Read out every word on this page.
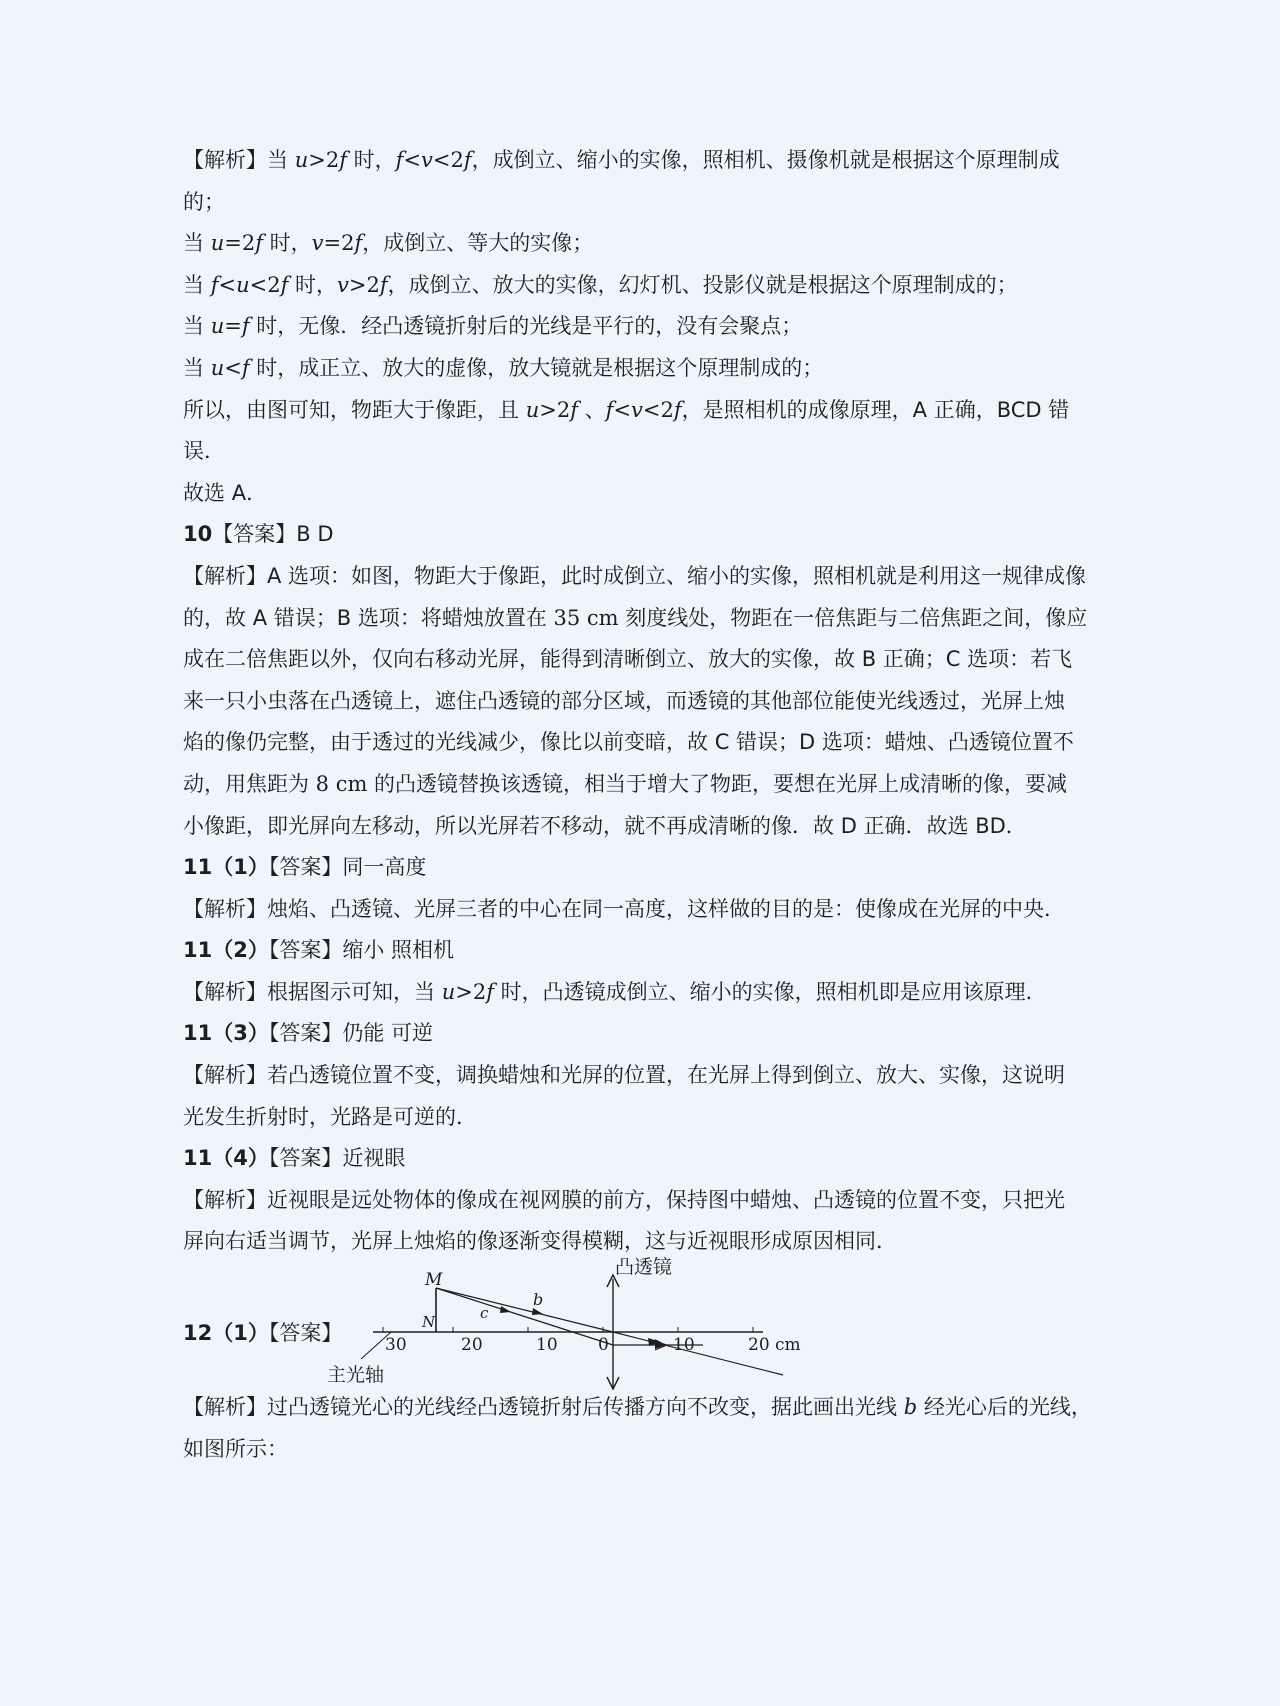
【解析】当 u>2f 时，f<v<2f，成倒立、缩小的实像，照相机、摄像机就是根据这个原理制成

的；

当 u=2f 时，v=2f，成倒立、等大的实像；

当 f<u<2f 时，v>2f，成倒立、放大的实像，幻灯机、投影仪就是根据这个原理制成的；

当 u=f 时，无像．经凸透镜折射后的光线是平行的，没有会聚点；

当 u<f 时，成正立、放大的虚像，放大镜就是根据这个原理制成的；

所以，由图可知，物距大于像距，且 u>2f 、f<v<2f，是照相机的成像原理，A 正确，BCD 错

误．

故选 A．

10【答案】B D

【解析】A 选项：如图，物距大于像距，此时成倒立、缩小的实像，照相机就是利用这一规律成像

的，故 A 错误；B 选项：将蜡烛放置在 35 cm 刻度线处，物距在一倍焦距与二倍焦距之间，像应

成在二倍焦距以外，仅向右移动光屏，能得到清晰倒立、放大的实像，故 B 正确；C 选项：若飞

来一只小虫落在凸透镜上，遮住凸透镜的部分区域，而透镜的其他部位能使光线透过，光屏上烛

焰的像仍完整，由于透过的光线减少，像比以前变暗，故 C 错误；D 选项：蜡烛、凸透镜位置不

动，用焦距为 8 cm 的凸透镜替换该透镜，相当于增大了物距，要想在光屏上成清晰的像，要减

小像距，即光屏向左移动，所以光屏若不移动，就不再成清晰的像．故 D 正确．故选 BD．

11（1）【答案】同一高度

【解析】烛焰、凸透镜、光屏三者的中心在同一高度，这样做的目的是：使像成在光屏的中央．

11（2）【答案】缩小 照相机

【解析】根据图示可知，当 u>2f 时，凸透镜成倒立、缩小的实像，照相机即是应用该原理．

11（3）【答案】仍能 可逆

【解析】若凸透镜位置不变，调换蜡烛和光屏的位置，在光屏上得到倒立、放大、实像，这说明

光发生折射时，光路是可逆的．

11（4）【答案】近视眼

【解析】近视眼是远处物体的像成在视网膜的前方，保持图中蜡烛、凸透镜的位置不变，只把光

屏向右适当调节，光屏上烛焰的像逐渐变得模糊，这与近视眼形成原因相同．

12（1）【答案】
凸透镜
M
N
b
c
30	20	10 0	10	20 cm
主光轴

【解析】过凸透镜光心的光线经凸透镜折射后传播方向不改变，据此画出光线 b 经光心后的光线，

如图所示：
